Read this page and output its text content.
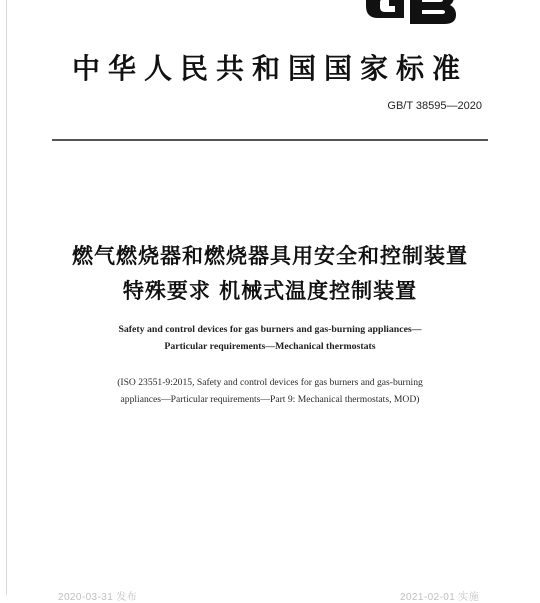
中华人民共和国国家标准
GB/T 38595—2020
燃气燃烧器和燃烧器具用安全和控制装置
特殊要求 机械式温度控制装置
Safety and control devices for gas burners and gas-burning appliances—
Particular requirements—Mechanical thermostats
(ISO 23551-9:2015, Safety and control devices for gas burners and gas-burning
appliances—Particular requirements—Part 9: Mechanical thermostats, MOD)
2020-03-31 发布	2021-02-01 实施
